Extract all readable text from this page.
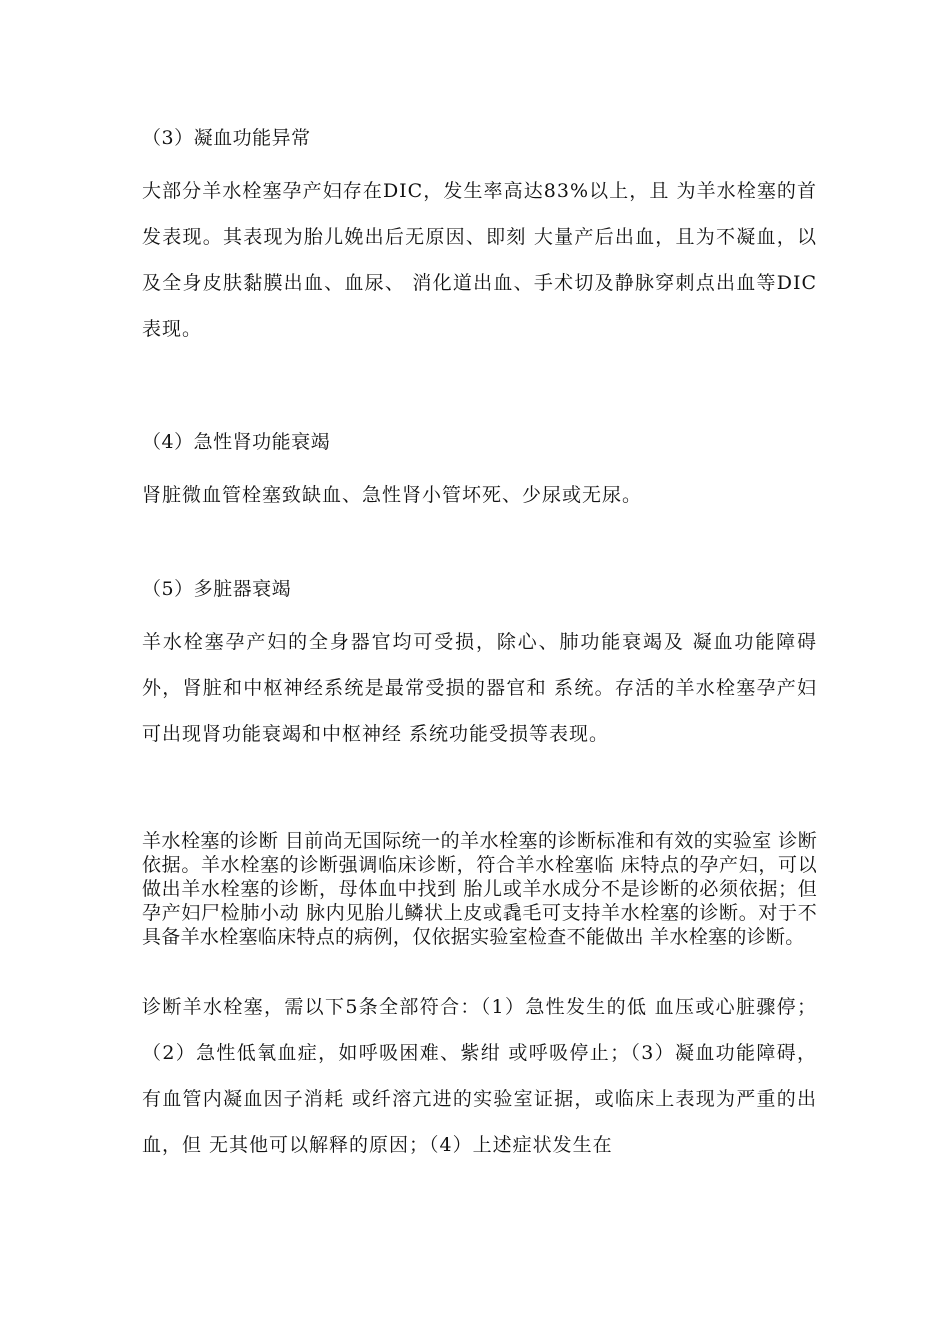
（3）凝血功能异常

大部分羊水栓塞孕产妇存在DIC，发生率高达83%以上，且 为羊水栓塞的首发表现。其表现为胎儿娩出后无原因、即刻 大量产后出血，且为不凝血，以及全身皮肤黏膜出血、血尿、 消化道出血、手术切及静脉穿刺点出血等DIC表现。

（4）急性肾功能衰竭

肾脏微血管栓塞致缺血、急性肾小管坏死、少尿或无尿。

（5）多脏器衰竭

羊水栓塞孕产妇的全身器官均可受损，除心、肺功能衰竭及 凝血功能障碍外，肾脏和中枢神经系统是最常受损的器官和 系统。存活的羊水栓塞孕产妇可出现肾功能衰竭和中枢神经 系统功能受损等表现。

羊水栓塞的诊断 目前尚无国际统一的羊水栓塞的诊断标准和有效的实验室 诊断依据。羊水栓塞的诊断强调临床诊断，符合羊水栓塞临 床特点的孕产妇，可以做出羊水栓塞的诊断，母体血中找到 胎儿或羊水成分不是诊断的必须依据；但孕产妇尸检肺小动 脉内见胎儿鳞状上皮或毳毛可支持羊水栓塞的诊断。对于不 具备羊水栓塞临床特点的病例，仅依据实验室检查不能做出 羊水栓塞的诊断。

诊断羊水栓塞，需以下5条全部符合：（1）急性发生的低 血压或心脏骤停；（2）急性低氧血症，如呼吸困难、紫绀 或呼吸停止；（3）凝血功能障碍，有血管内凝血因子消耗 或纤溶亢进的实验室证据，或临床上表现为严重的出血，但 无其他可以解释的原因；（4）上述症状发生在
